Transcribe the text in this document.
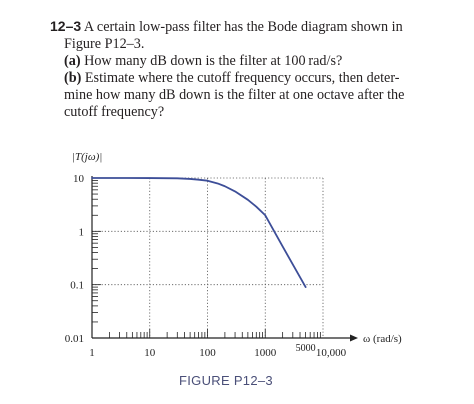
12–3 A certain low-pass filter has the Bode diagram shown in
Figure P12–3.
(a) How many dB down is the filter at 100 rad/s?
(b) Estimate where the cutoff frequency occurs, then deter-
mine how many dB down is the filter at one octave after the
cutoff frequency?
0.01
0.1
1
10
1	10	100	1000 5000 10,000
|T(jω)|
ω (rad/s)
FIGURE P12–3
